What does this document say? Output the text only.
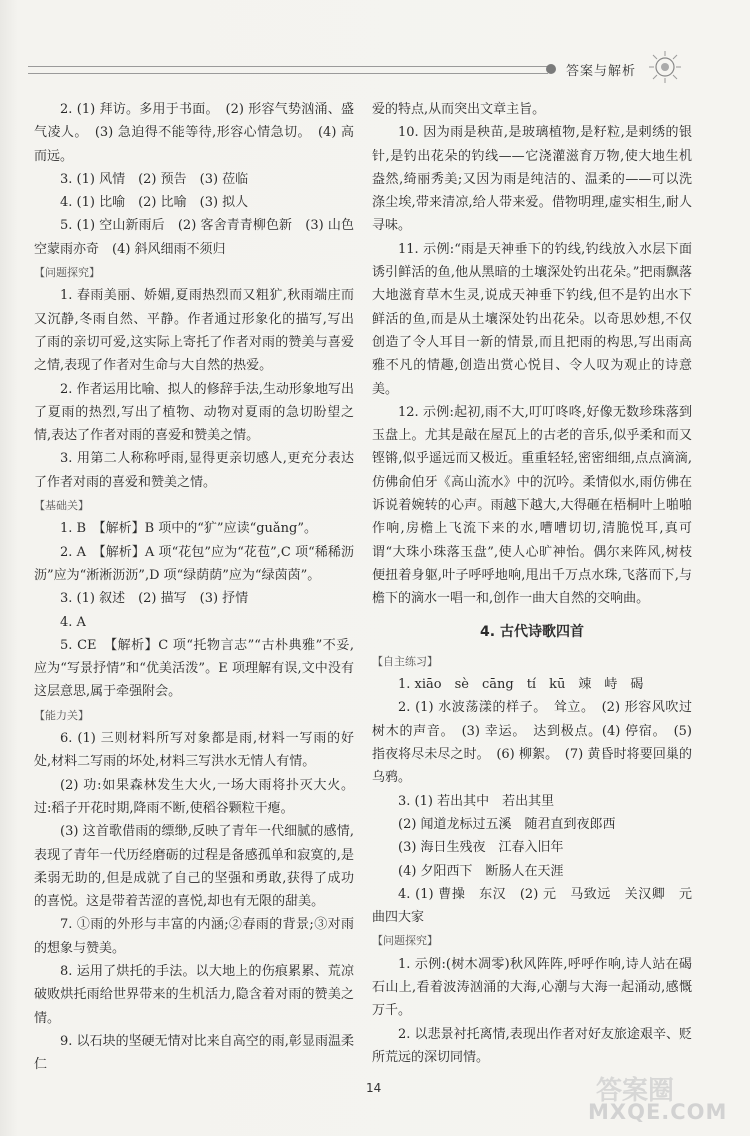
答案与解析

2. (1) 拜访。多用于书面。　(2) 形容气势汹涌、盛气凌人。　(3) 急迫得不能等待,形容心情急切。　(4) 高而远。

3. (1) 风情　(2) 预告　(3) 莅临

4. (1) 比喻　(2) 比喻　(3) 拟人

5. (1) 空山新雨后　(2) 客舍青青柳色新　(3) 山色空蒙雨亦奇　(4) 斜风细雨不须归

【问题探究】

1. 春雨美丽、娇媚,夏雨热烈而又粗犷,秋雨端庄而又沉静,冬雨自然、平静。作者通过形象化的描写,写出了雨的亲切可爱,这实际上寄托了作者对雨的赞美与喜爱之情,表现了作者对生命与大自然的热爱。

2. 作者运用比喻、拟人的修辞手法,生动形象地写出了夏雨的热烈,写出了植物、动物对夏雨的急切盼望之情,表达了作者对雨的喜爱和赞美之情。

3. 用第二人称称呼雨,显得更亲切感人,更充分表达了作者对雨的喜爱和赞美之情。

【基础关】

1. B　【解析】B 项中的“犷”应读“guǎng”。

2. A　【解析】A 项“花包”应为“花苞”,C 项“稀稀沥沥”应为“淅淅沥沥”,D 项“绿荫荫”应为“绿茵茵”。

3. (1) 叙述　(2) 描写　(3) 抒情

4. A

5. CE　【解析】C 项“托物言志”“古朴典雅”不妥,应为“写景抒情”和“优美活泼”。E 项理解有误,文中没有这层意思,属于牵强附会。

【能力关】

6. (1) 三则材料所写对象都是雨,材料一写雨的好处,材料二写雨的坏处,材料三写洪水无情人有情。

(2) 功:如果森林发生大火,一场大雨将扑灭大火。过:稻子开花时期,降雨不断,使稻谷颗粒干瘪。

(3) 这首歌借雨的缥缈,反映了青年一代细腻的感情,表现了青年一代历经磨砺的过程是备感孤单和寂寞的,是柔弱无助的,但是成就了自己的坚强和勇敢,获得了成功的喜悦。这是带着苦涩的喜悦,却也有无限的甜美。

7. ①雨的外形与丰富的内涵;②春雨的背景;③对雨的想象与赞美。

8. 运用了烘托的手法。以大地上的伤痕累累、荒凉破败烘托雨给世界带来的生机活力,隐含着对雨的赞美之情。

9. 以石块的坚硬无情对比来自高空的雨,彰显雨温柔仁

爱的特点,从而突出文章主旨。

10. 因为雨是秧苗,是玻璃植物,是籽粒,是剌绣的银针,是钓出花朵的钓线——它浇灌滋育万物,使大地生机盎然,绮丽秀美;又因为雨是纯洁的、温柔的——可以洗涤尘埃,带来清凉,给人带来爱。借物明理,虚实相生,耐人寻味。

11. 示例:“雨是天神垂下的钓线,钓线放入水层下面诱引鲜活的鱼,他从黑暗的土壤深处钓出花朵。”把雨飘落大地滋育草木生灵,说成天神垂下钓线,但不是钓出水下鲜活的鱼,而是从土壤深处钓出花朵。以奇思妙想,不仅创造了令人耳目一新的情景,而且把雨的构思,写出雨高雅不凡的情趣,创造出赏心悦目、令人叹为观止的诗意美。

12. 示例:起初,雨不大,叮叮咚咚,好像无数珍珠落到玉盘上。尤其是敲在屋瓦上的古老的音乐,似乎柔和而又铿锵,似乎遥远而又极近。重重轻轻,密密细细,点点滴滴,仿佛俞伯牙《高山流水》中的沉吟。柔情似水,雨仿佛在诉说着婉转的心声。雨越下越大,大得砸在梧桐叶上啪啪作响,房檐上飞流下来的水,嘈嘈切切,清脆悦耳,真可谓“大珠小珠落玉盘”,使人心旷神怡。偶尔来阵风,树枝便扭着身躯,叶子呼呼地响,甩出千万点水珠,飞落而下,与檐下的滴水一唱一和,创作一曲大自然的交响曲。

4. 古代诗歌四首
【自主练习】

1. xiāo　sè　cāng　tí　kū　竦　峙　碣

2. (1) 水波荡漾的样子。　耸立。　(2) 形容风吹过树木的声音。　(3) 幸运。　达到极点。(4) 停宿。　(5) 指夜将尽未尽之时。　(6) 柳絮。　(7) 黄昏时将要回巢的乌鸦。

3. (1) 若出其中　若出其里

(2) 闻道龙标过五溪　随君直到夜郎西

(3) 海日生残夜　江春入旧年

(4) 夕阳西下　断肠人在天涯

4. (1) 曹操　东汉　(2) 元　马致远　关汉卿　元曲四大家

【问题探究】

1. 示例:(树木凋零)秋风阵阵,呼呼作响,诗人站在碣石山上,看着波涛汹涌的大海,心潮与大海一起涌动,感慨万千。

2. 以悲景衬托离情,表现出作者对好友旅途艰辛、贬所荒远的深切同情。

14	答案圈
MXQE.COM
